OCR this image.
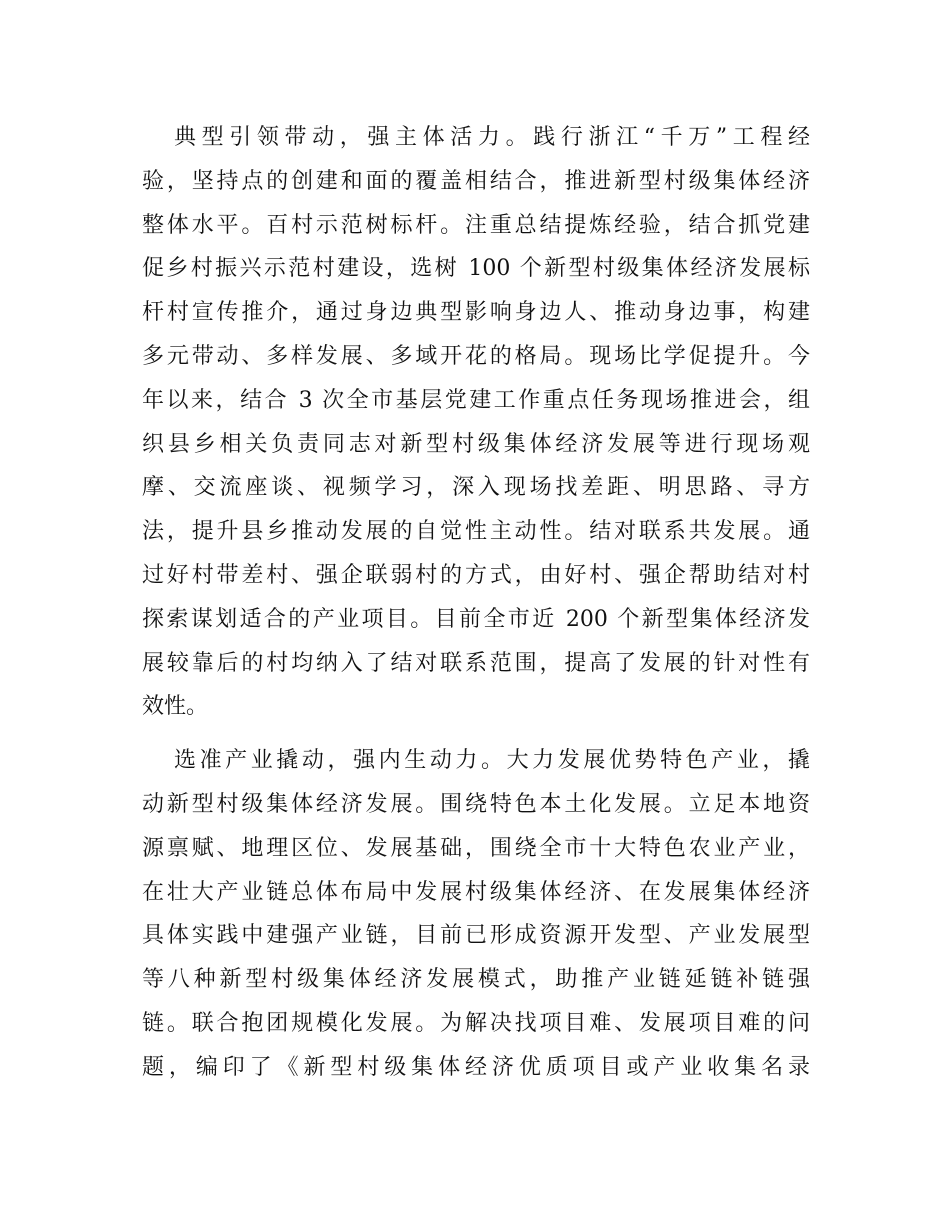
典型引领带动，强主体活力。践行浙江“千万”工程经
验，坚持点的创建和面的覆盖相结合，推进新型村级集体经济
整体水平。百村示范树标杆。注重总结提炼经验，结合抓党建
促乡村振兴示范村建设，选树 100 个新型村级集体经济发展标
杆村宣传推介，通过身边典型影响身边人、推动身边事，构建
多元带动、多样发展、多域开花的格局。现场比学促提升。今
年以来，结合 3 次全市基层党建工作重点任务现场推进会，组
织县乡相关负责同志对新型村级集体经济发展等进行现场观
摩、交流座谈、视频学习，深入现场找差距、明思路、寻方
法，提升县乡推动发展的自觉性主动性。结对联系共发展。通
过好村带差村、强企联弱村的方式，由好村、强企帮助结对村
探索谋划适合的产业项目。目前全市近 200 个新型集体经济发
展较靠后的村均纳入了结对联系范围，提高了发展的针对性有
效性。
选准产业撬动，强内生动力。大力发展优势特色产业，撬
动新型村级集体经济发展。围绕特色本土化发展。立足本地资
源禀赋、地理区位、发展基础，围绕全市十大特色农业产业，
在壮大产业链总体布局中发展村级集体经济、在发展集体经济
具体实践中建强产业链，目前已形成资源开发型、产业发展型
等八种新型村级集体经济发展模式，助推产业链延链补链强
链。联合抱团规模化发展。为解决找项目难、发展项目难的问
题，编印了《新型村级集体经济优质项目或产业收集名录
